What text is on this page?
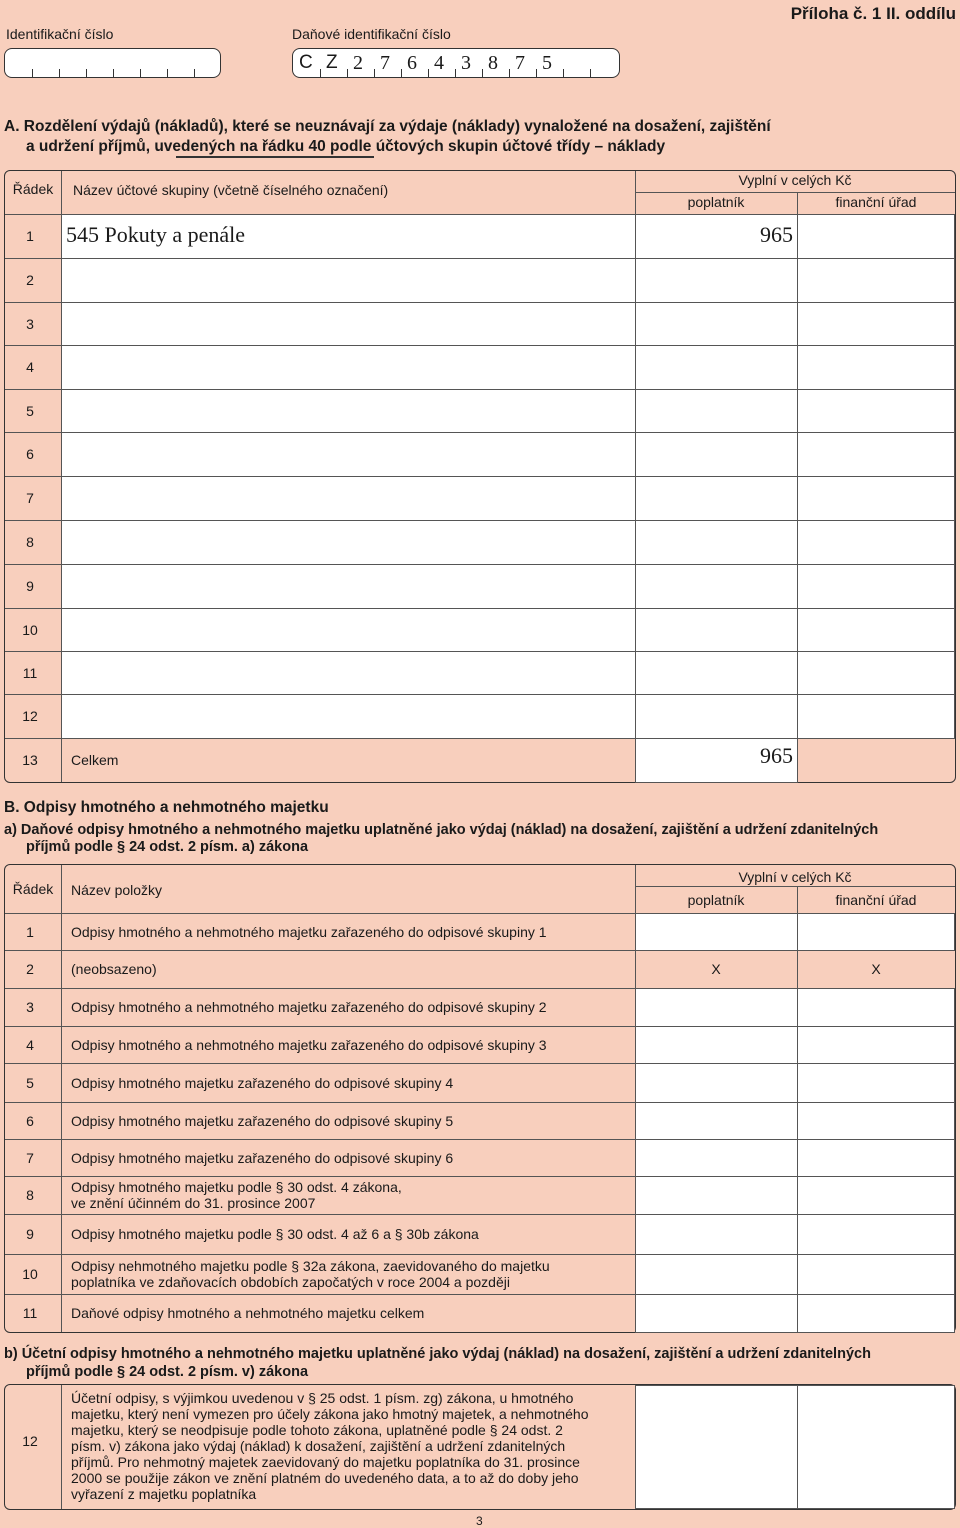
Identifikační číslo	Daňové identifikační číslo
Příloha č. 1 II. oddílu
C Z 2 7 6 4 3 8 7 5
A. Rozdělení výdajů (nákladů), které se neuznávají za výdaje (náklady) vynaložené na dosažení, zajištění
a udržení příjmů, uvedených na řádku 40 podle účtových skupin účtové třídy – náklady
Řádek	Název účtové skupiny (včetně číselného označení)
Vyplní v celých Kč
poplatník	finanční úřad
1	545 Pokuty a penále	965
2
3
4
5
6
7
8
9
10
11
12
13	Celkem	965
B. Odpisy hmotného a nehmotného majetku
a) Daňové odpisy hmotného a nehmotného majetku uplatněné jako výdaj (náklad) na dosažení, zajištění a udržení zdanitelných
příjmů podle § 24 odst. 2 písm. a) zákona
Řádek	Název položky
Vyplní v celých Kč
poplatník	finanční úřad
1	Odpisy hmotného a nehmotného majetku zařazeného do odpisové skupiny 1
2	(neobsazeno)	X	X
3	Odpisy hmotného a nehmotného majetku zařazeného do odpisové skupiny 2
4	Odpisy hmotného a nehmotného majetku zařazeného do odpisové skupiny 3
5	Odpisy hmotného majetku zařazeného do odpisové skupiny 4
6	Odpisy hmotného majetku zařazeného do odpisové skupiny 5
7	Odpisy hmotného majetku zařazeného do odpisové skupiny 6
8	Odpisy hmotného majetku podle § 30 odst. 4 zákona,
ve znění účinném do 31. prosince 2007
9	Odpisy hmotného majetku podle § 30 odst. 4 až 6 a § 30b zákona
10	Odpisy nehmotného majetku podle § 32a zákona, zaevidovaného do majetku
poplatníka ve zdaňovacích obdobích započatých v roce 2004 a později
11	Daňové odpisy hmotného a nehmotného majetku celkem
b) Účetní odpisy hmotného a nehmotného majetku uplatněné jako výdaj (náklad) na dosažení, zajištění a udržení zdanitelných
příjmů podle § 24 odst. 2 písm. v) zákona
12
Účetní odpisy, s výjimkou uvedenou v § 25 odst. 1 písm. zg) zákona, u hmotného
majetku, který není vymezen pro účely zákona jako hmotný majetek, a nehmotného
majetku, který se neodpisuje podle tohoto zákona, uplatněné podle § 24 odst. 2
písm. v) zákona jako výdaj (náklad) k dosažení, zajištění a udržení zdanitelných
příjmů. Pro nehmotný majetek zaevidovaný do majetku poplatníka do 31. prosince
2000 se použije zákon ve znění platném do uvedeného data, a to až do doby jeho
vyřazení z majetku poplatníka
3
